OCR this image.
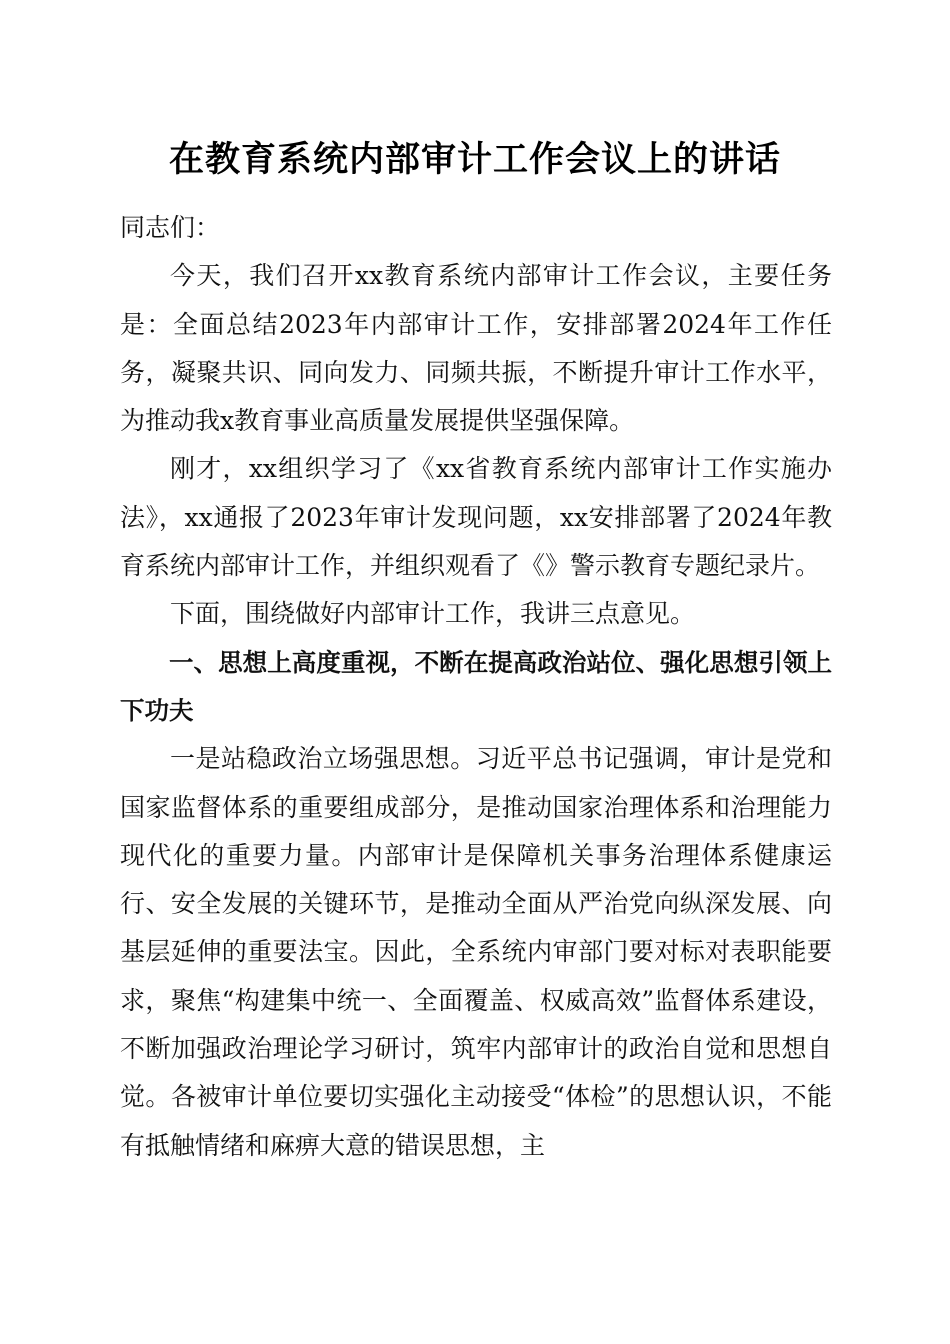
在教育系统内部审计工作会议上的讲话

同志们：

今天，我们召开xx教育系统内部审计工作会议，主要任务是：全面总结2023年内部审计工作，安排部署2024年工作任务，凝聚共识、同向发力、同频共振，不断提升审计工作水平，为推动我x教育事业高质量发展提供坚强保障。

刚才，xx组织学习了《xx省教育系统内部审计工作实施办法》，xx通报了2023年审计发现问题，xx安排部署了2024年教育系统内部审计工作，并组织观看了《》警示教育专题纪录片。

下面，围绕做好内部审计工作，我讲三点意见。

一、思想上高度重视，不断在提高政治站位、强化思想引领上下功夫

一是站稳政治立场强思想。习近平总书记强调，审计是党和国家监督体系的重要组成部分，是推动国家治理体系和治理能力现代化的重要力量。内部审计是保障机关事务治理体系健康运行、安全发展的关键环节，是推动全面从严治党向纵深发展、向基层延伸的重要法宝。因此，全系统内审部门要对标对表职能要求，聚焦“构建集中统一、全面覆盖、权威高效”监督体系建设，不断加强政治理论学习研讨，筑牢内部审计的政治自觉和思想自觉。各被审计单位要切实强化主动接受“体检”的思想认识，不能有抵触情绪和麻痹大意的错误思想，主
